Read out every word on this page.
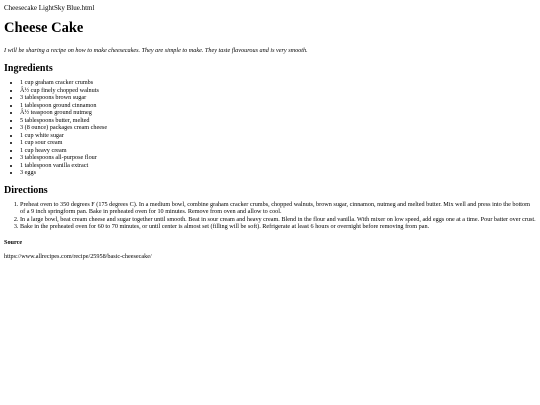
Cheesecake LightSky Blue.html
Cheese Cake

I will be sharing a recipe on how to make cheesecakes. They are simple to make. They taste flavourous and is very smooth.

Ingredients
• 1 cup graham cracker crumbs
• Â½ cup finely chopped walnuts
• 3 tablespoons brown sugar
• 1 tablespoon ground cinnamon
• Â½ teaspoon ground nutmeg
• 5 tablespoons butter, melted
• 3 (8 ounce) packages cream cheese
• 1 cup white sugar
• 1 cup sour cream
• 1 cup heavy cream
• 3 tablespoons all-purpose flour
• 1 tablespoon vanilla extract
• 3 eggs
Directions
1. Preheat oven to 350 degrees F (175 degrees C). In a medium bowl, combine graham cracker crumbs, chopped walnuts, brown sugar, cinnamon, nutmeg and melted butter. Mix well and press into the bottom of a 9 inch springform pan. Bake in preheated oven for 10 minutes. Remove from oven and allow to cool.
2. In a large bowl, beat cream cheese and sugar together until smooth. Beat in sour cream and heavy cream. Blend in the flour and vanilla. With mixer on low speed, add eggs one at a time. Pour batter over crust.
3. Bake in the preheated oven for 60 to 70 minutes, or until center is almost set (filling will be soft). Refrigerate at least 6 hours or overnight before removing from pan.
Source

https://www.allrecipes.com/recipe/25958/basic-cheesecake/
